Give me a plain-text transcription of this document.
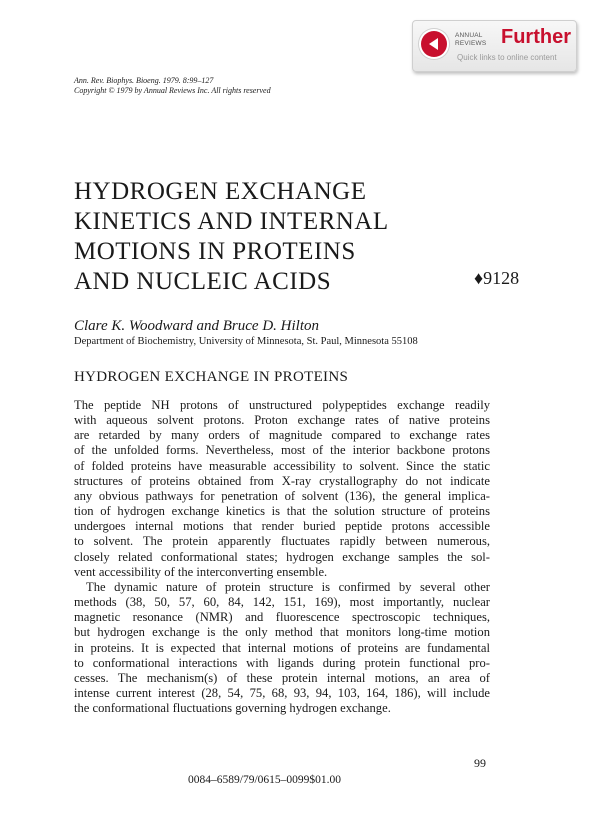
ANNUAL
REVIEWS Further
Quick links to online content
Ann. Rev. Biophys. Bioeng. 1979. 8:99–127
Copyright © 1979 by Annual Reviews Inc. All rights reserved
HYDROGEN EXCHANGE
KINETICS AND INTERNAL
MOTIONS IN PROTEINS
AND NUCLEIC ACIDS	♦9128
Clare K. Woodward and Bruce D. Hilton
Department of Biochemistry, University of Minnesota, St. Paul, Minnesota 55108
HYDROGEN EXCHANGE IN PROTEINS

The peptide NH protons of unstructured polypeptides exchange readily

with aqueous solvent protons. Proton exchange rates of native proteins

are retarded by many orders of magnitude compared to exchange rates

of the unfolded forms. Nevertheless, most of the interior backbone protons

of folded proteins have measurable accessibility to solvent. Since the static

structures of proteins obtained from X-ray crystallography do not indicate

any obvious pathways for penetration of solvent (136), the general implica-

tion of hydrogen exchange kinetics is that the solution structure of proteins

undergoes internal motions that render buried peptide protons accessible

to solvent. The protein apparently fluctuates rapidly between numerous,

closely related conformational states; hydrogen exchange samples the sol-

vent accessibility of the interconverting ensemble.

The dynamic nature of protein structure is confirmed by several other

methods (38, 50, 57, 60, 84, 142, 151, 169), most importantly, nuclear

magnetic resonance (NMR) and fluorescence spectroscopic techniques,

but hydrogen exchange is the only method that monitors long-time motion

in proteins. It is expected that internal motions of proteins are fundamental

to conformational interactions with ligands during protein functional pro-

cesses. The mechanism(s) of these protein internal motions, an area of

intense current interest (28, 54, 75, 68, 93, 94, 103, 164, 186), will include

the conformational fluctuations governing hydrogen exchange.

99
0084–6589/79/0615–0099$01.00
